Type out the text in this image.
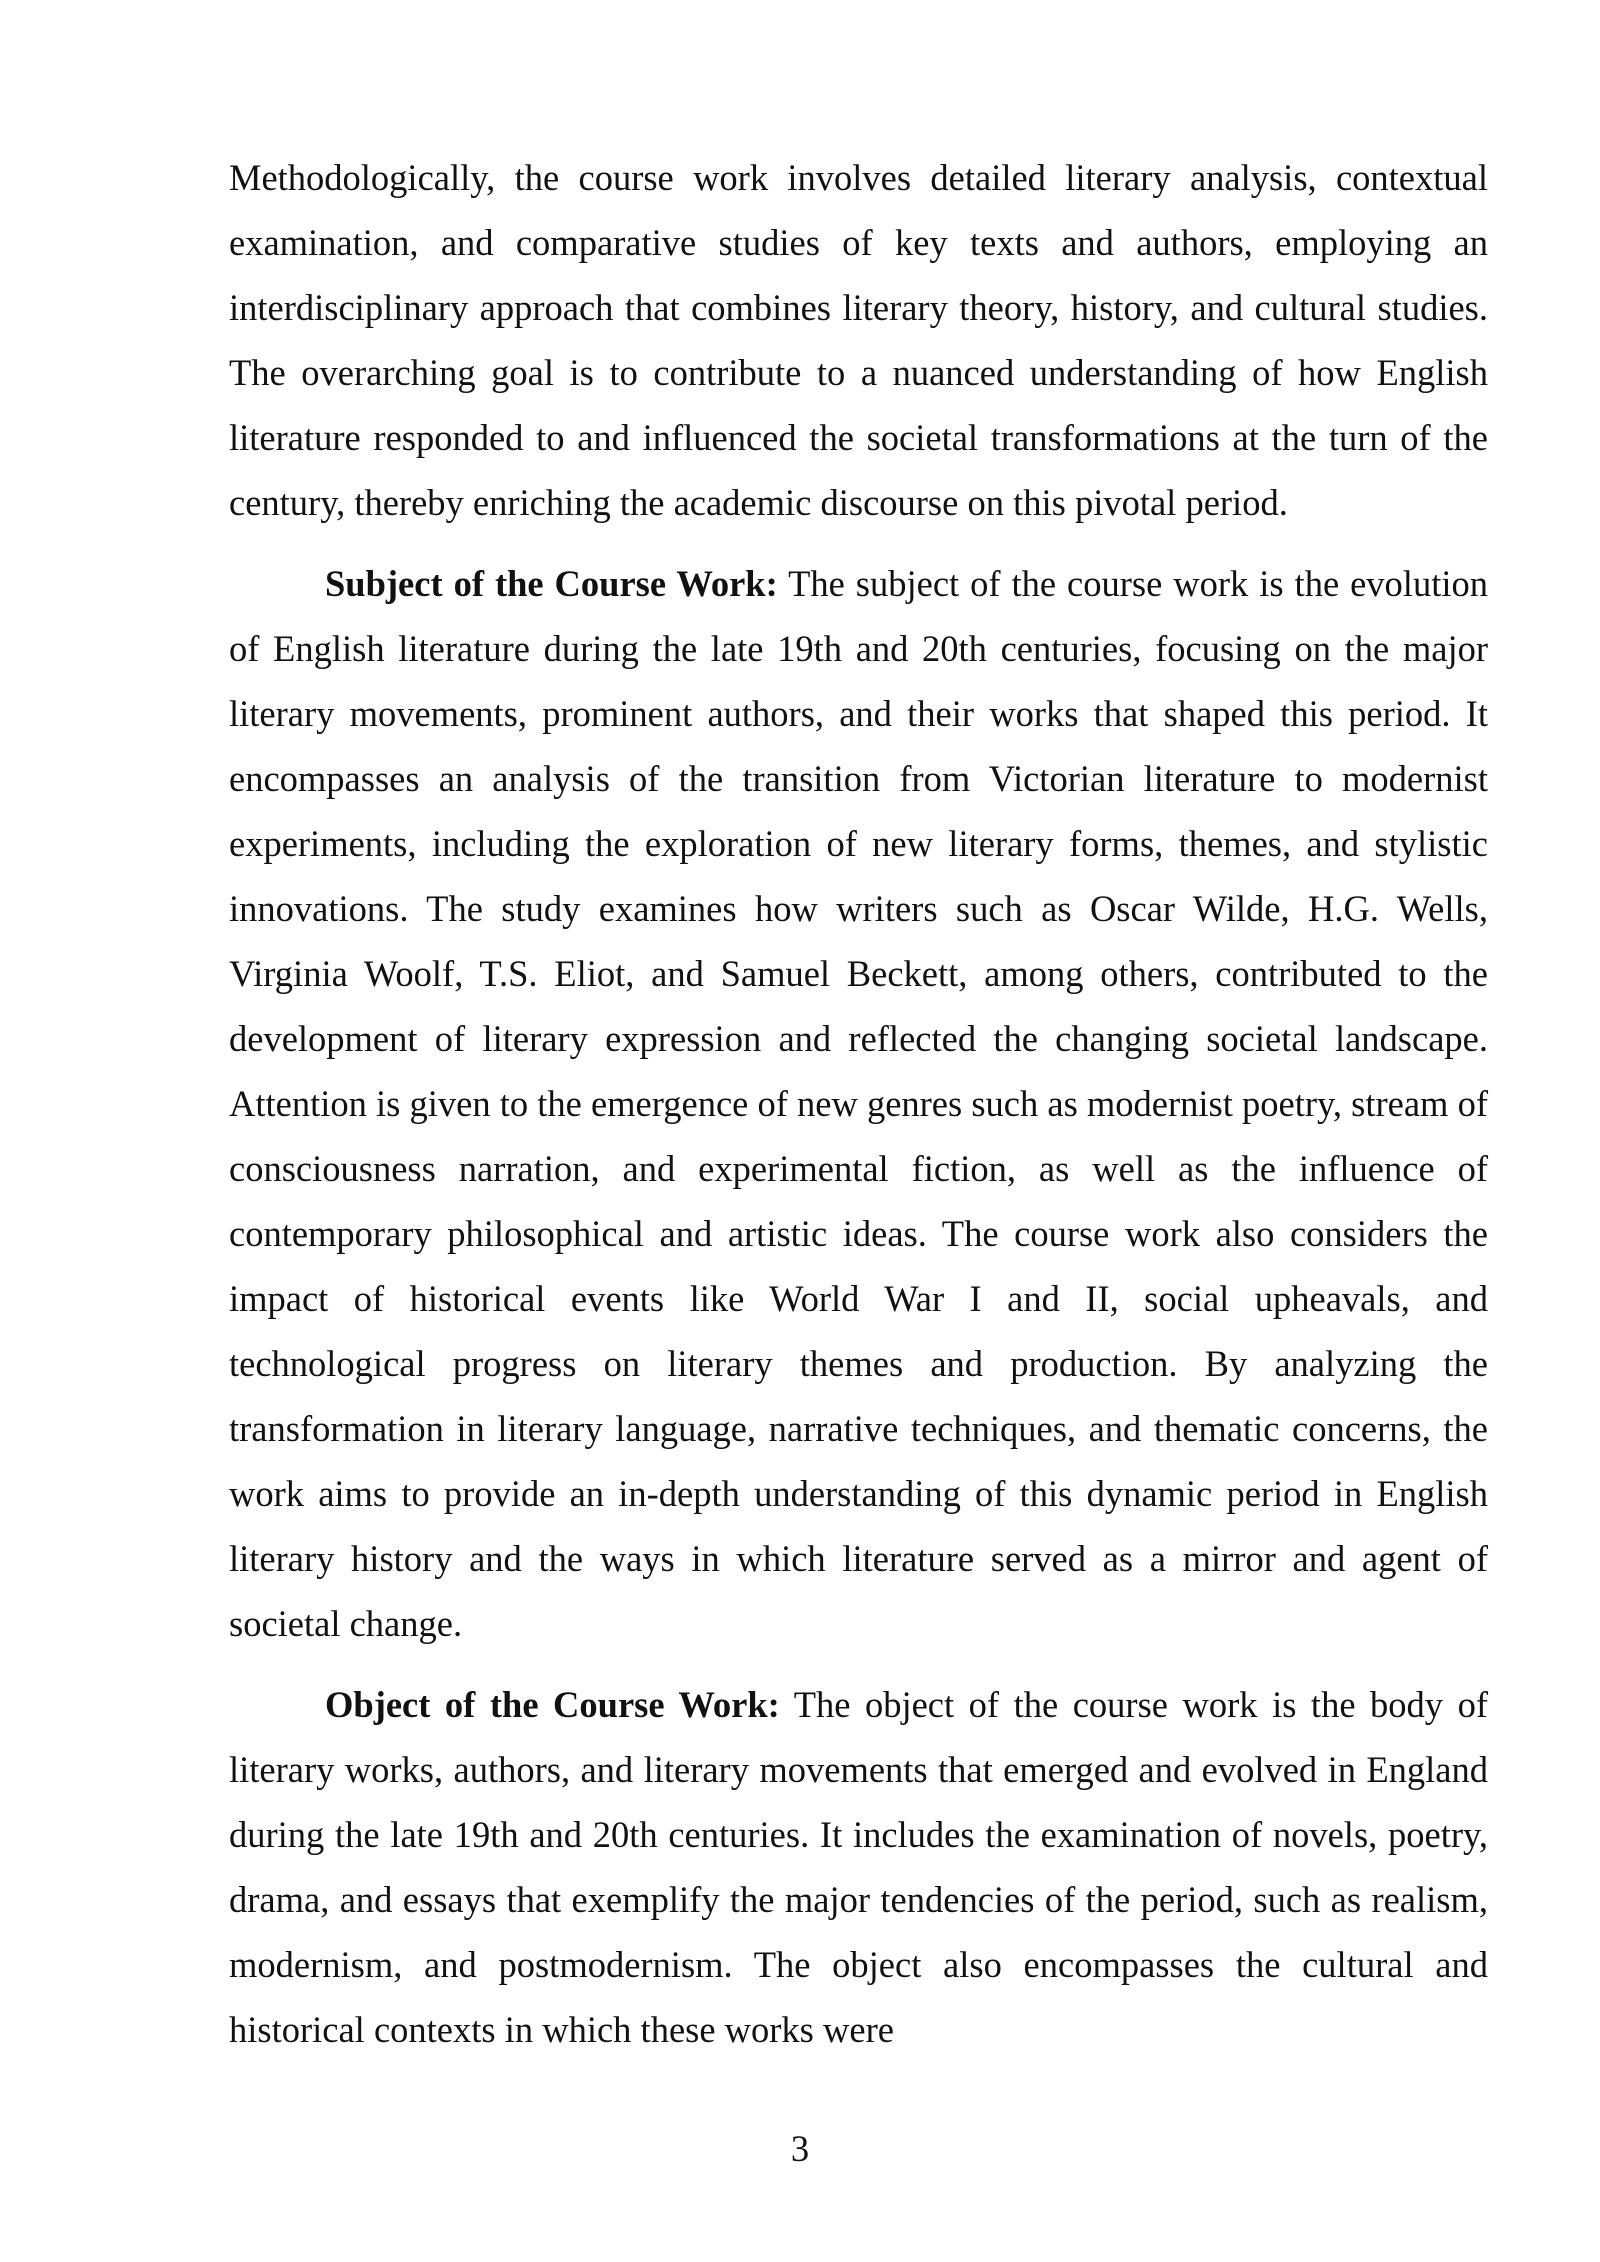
Methodologically, the course work involves detailed literary analysis, contextual examination, and comparative studies of key texts and authors, employing an interdisciplinary approach that combines literary theory, history, and cultural studies. The overarching goal is to contribute to a nuanced understanding of how English literature responded to and influenced the societal transformations at the turn of the century, thereby enriching the academic discourse on this pivotal period.

Subject of the Course Work: The subject of the course work is the evolution of English literature during the late 19th and 20th centuries, focusing on the major literary movements, prominent authors, and their works that shaped this period. It encompasses an analysis of the transition from Victorian literature to modernist experiments, including the exploration of new literary forms, themes, and stylistic innovations. The study examines how writers such as Oscar Wilde, H.G. Wells, Virginia Woolf, T.S. Eliot, and Samuel Beckett, among others, contributed to the development of literary expression and reflected the changing societal landscape. Attention is given to the emergence of new genres such as modernist poetry, stream of consciousness narration, and experimental fiction, as well as the influence of contemporary philosophical and artistic ideas. The course work also considers the impact of historical events like World War I and II, social upheavals, and technological progress on literary themes and production. By analyzing the transformation in literary language, narrative techniques, and thematic concerns, the work aims to provide an in-depth understanding of this dynamic period in English literary history and the ways in which literature served as a mirror and agent of societal change.

Object of the Course Work: The object of the course work is the body of literary works, authors, and literary movements that emerged and evolved in England during the late 19th and 20th centuries. It includes the examination of novels, poetry, drama, and essays that exemplify the major tendencies of the period, such as realism, modernism, and postmodernism. The object also encompasses the cultural and historical contexts in which these works were

3
